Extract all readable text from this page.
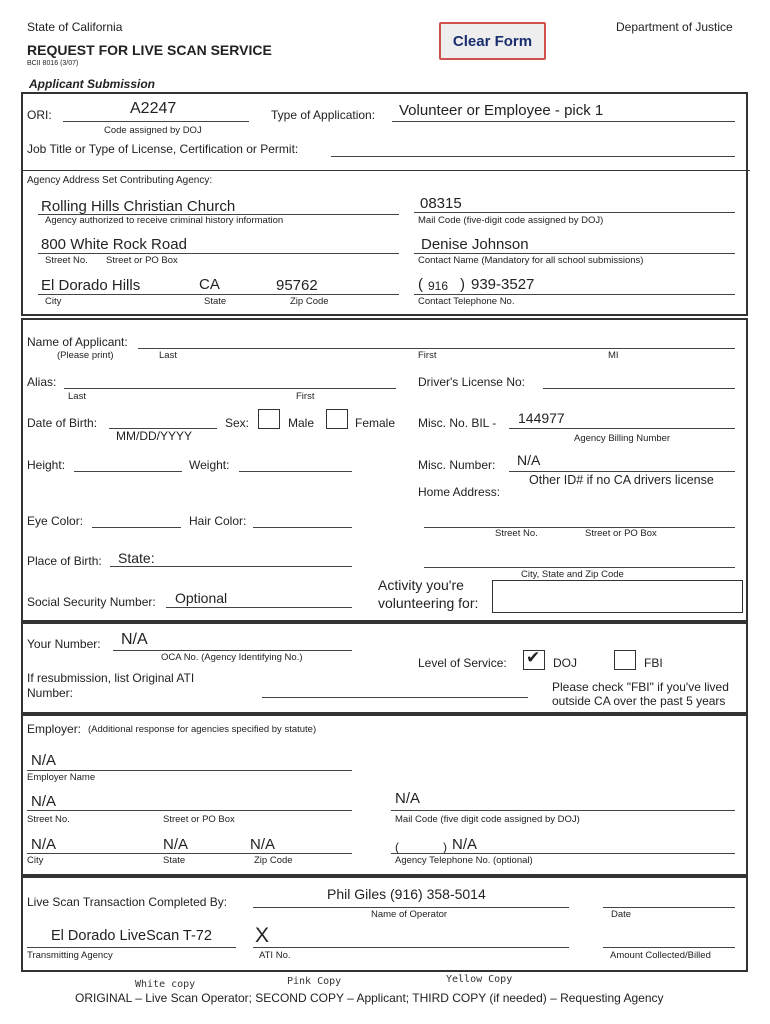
State of California	Department of Justice
REQUEST FOR LIVE SCAN SERVICE
BCII 8016 (3/07)
Clear Form
Applicant Submission
ORI:	A2247
Code assigned by DOJ
Type of Application: Volunteer or Employee - pick 1
Job Title or Type of License, Certification or Permit:
Agency Address Set Contributing Agency:
Rolling Hills Christian Church
Agency authorized to receive criminal history information
08315
Mail Code (five-digit code assigned by DOJ)
800 White Rock Road
Street No. Street or PO Box
Denise Johnson
Contact Name (Mandatory for all school submissions)
El Dorado Hills	CA	95762
City	State	Zip Code
( 916 ) 939-3527
Contact Telephone No.
Name of Applicant:
(Please print)	Last	First	MI
Alias:
Last	First
Driver's License No:
Date of Birth:
MM/DD/YYYY
Sex:	Male	Female Misc. No. BIL - 144977
Agency Billing Number
Height:	Weight:	Misc. Number: N/A
Other ID# if no CA drivers license
Home Address:
Eye Color:	Hair Color:
Street No.	Street or PO Box
Place of Birth: State:
City, State and Zip Code
Social Security Number: Optional
Activity you're
volunteering for:
Your Number: N/A
OCA No. (Agency Identifying No.)
If resubmission, list Original ATI
Number:
Level of Service: ✔ DOJ	FBI
Please check "FBI" if you've lived
outside CA over the past 5 years
Employer: (Additional response for agencies specified by statute)
N/A
Employer Name
N/A
Street No.	Street or PO Box
N/A
Mail Code (five digit code assigned by DOJ)
N/A	N/A	N/A
City	State	Zip Code
(	) N/A
Agency Telephone No. (optional)
Live Scan Transaction Completed By:	Phil Giles (916) 358-5014
Name of Operator	Date
El Dorado LiveScan T-72
Transmitting Agency
X
ATI No.	Amount Collected/Billed
White copy	Pink Copy	Yellow Copy
ORIGINAL – Live Scan Operator; SECOND COPY – Applicant; THIRD COPY (if needed) – Requesting Agency
